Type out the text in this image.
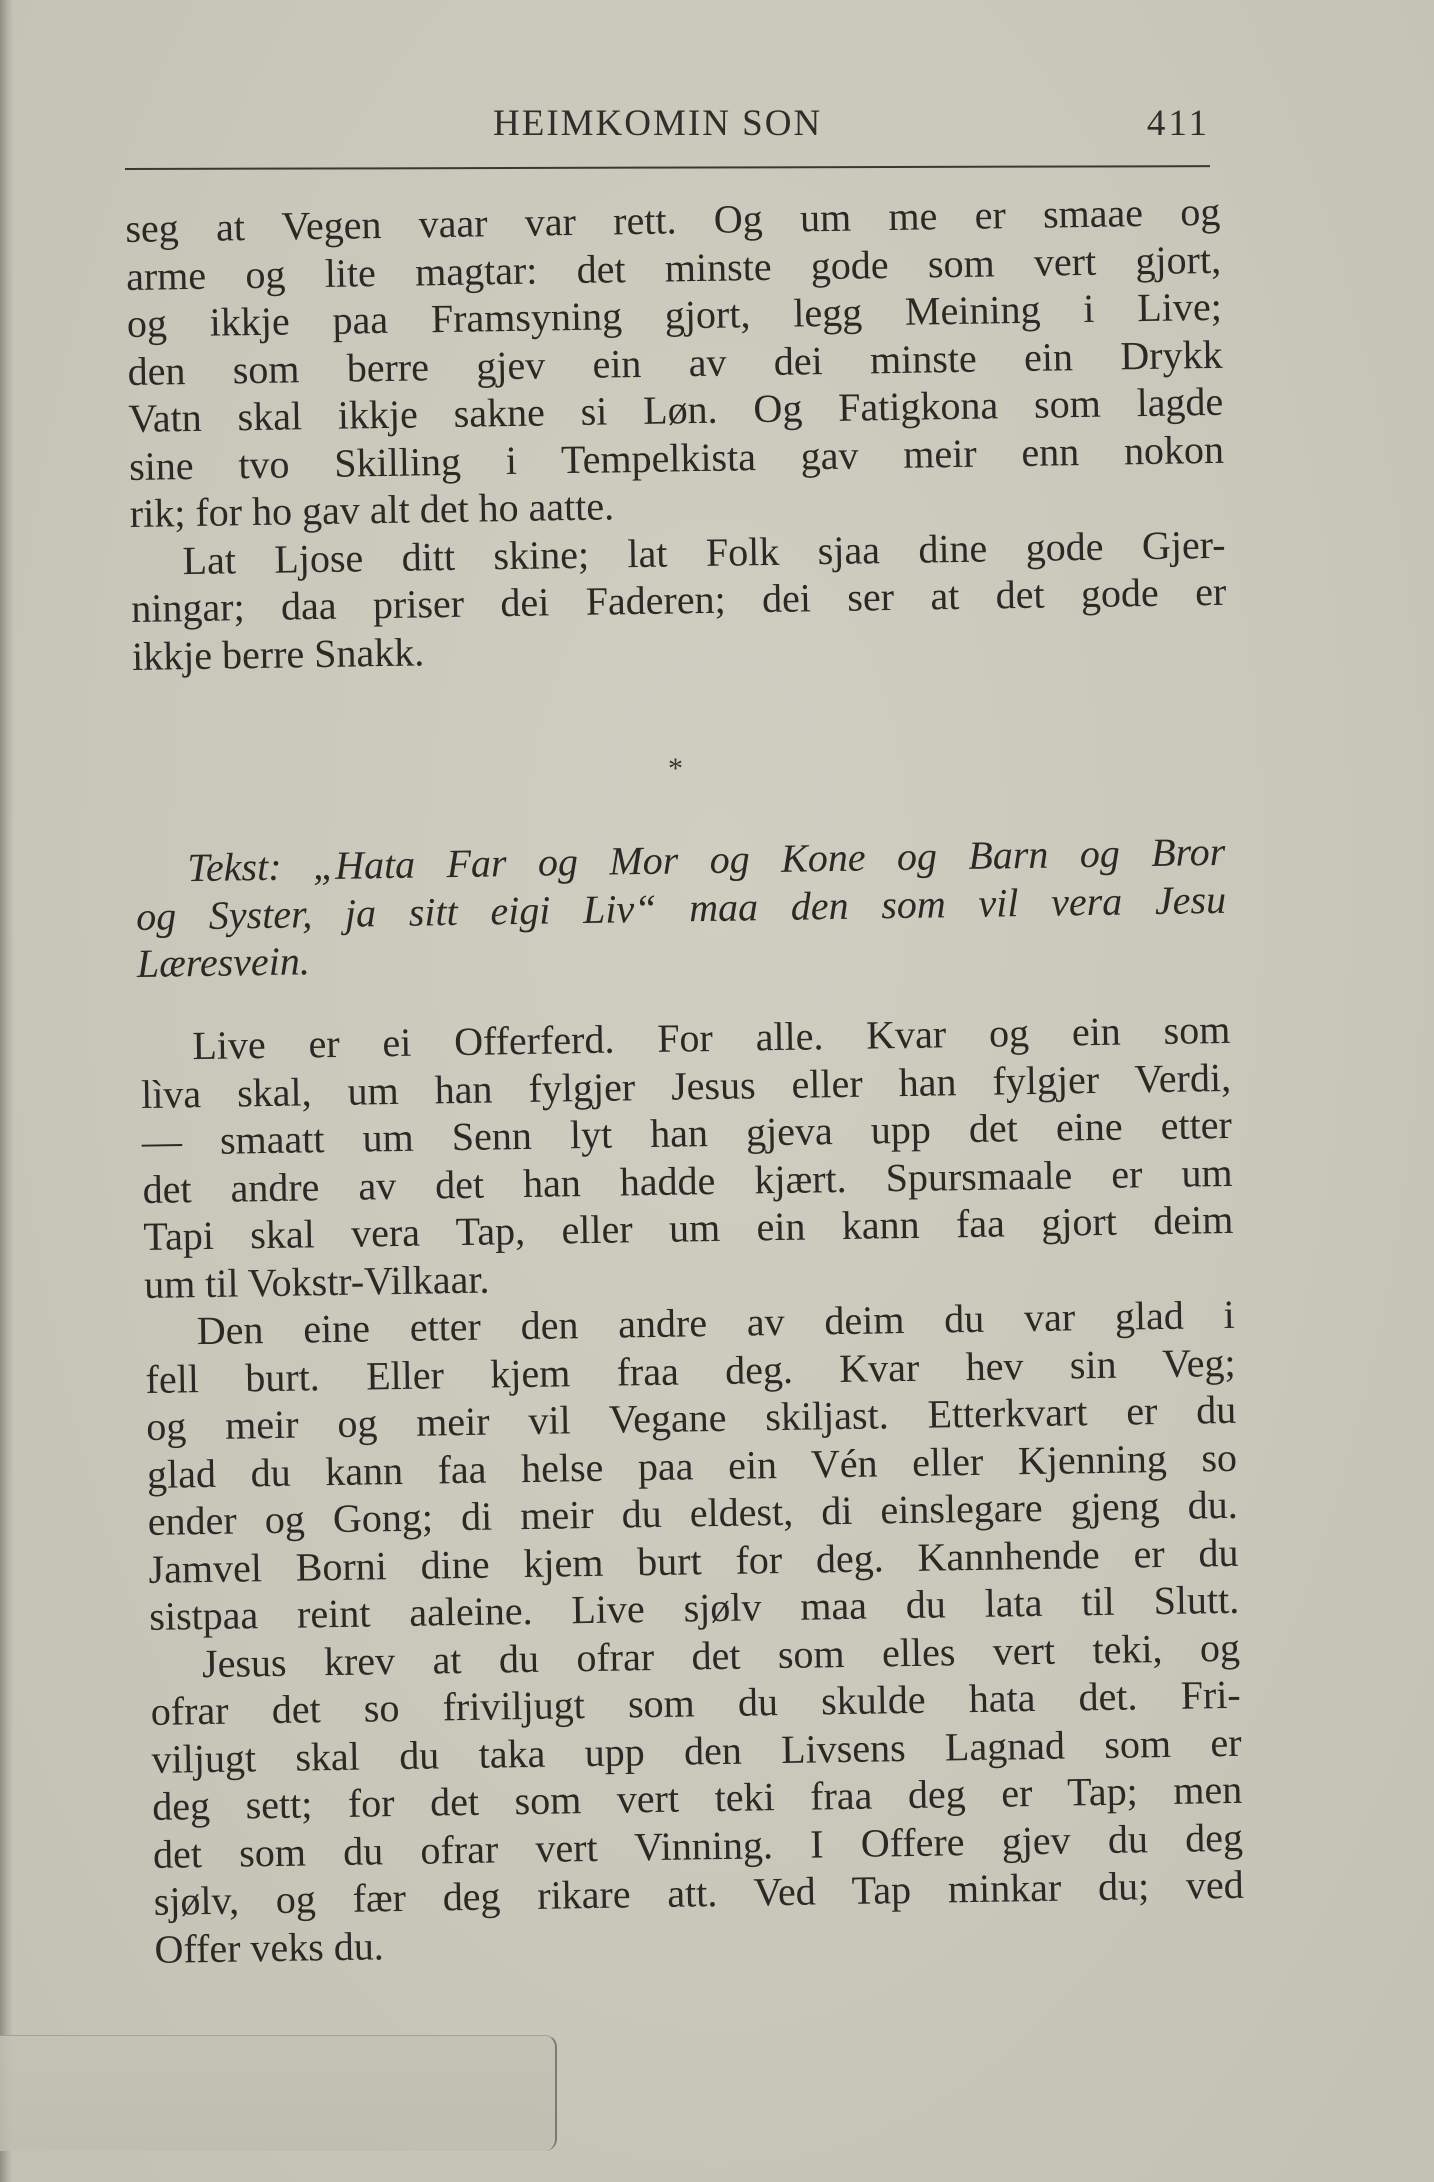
HEIMKOMIN SON	411
seg at Vegen vaar var rett. Og um me er smaae og
arme og lite magtar: det minste gode som vert gjort,
og ikkje paa Framsyning gjort, legg Meining i Live;
den som berre gjev ein av dei minste ein Drykk
Vatn skal ikkje sakne si Løn. Og Fatigkona som lagde
sine tvo Skilling i Tempelkista gav meir enn nokon
rik; for ho gav alt det ho aatte.
Lat Ljose ditt skine; lat Folk sjaa dine gode Gjer-
ningar; daa priser dei Faderen; dei ser at det gode er
ikkje berre Snakk.
*
Tekst: „Hata Far og Mor og Kone og Barn og Bror
og Syster, ja sitt eigi Liv“ maa den som vil vera Jesu
Læresvein.
Live er ei Offerferd. For alle. Kvar og ein som
lìva skal, um han fylgjer Jesus eller han fylgjer Verdi,
— smaatt um Senn lyt han gjeva upp det eine etter
det andre av det han hadde kjært. Spursmaale er um
Tapi skal vera Tap, eller um ein kann faa gjort deim
um til Vokstr-Vilkaar.
Den eine etter den andre av deim du var glad i
fell burt. Eller kjem fraa deg. Kvar hev sin Veg;
og meir og meir vil Vegane skiljast. Etterkvart er du
glad du kann faa helse paa ein Vén eller Kjenning so
ender og Gong; di meir du eldest, di einslegare gjeng du.
Jamvel Borni dine kjem burt for deg. Kannhende er du
sistpaa reint aaleine. Live sjølv maa du lata til Slutt.
Jesus krev at du ofrar det som elles vert teki, og
ofrar det so friviljugt som du skulde hata det. Fri-
viljugt skal du taka upp den Livsens Lagnad som er
deg sett; for det som vert teki fraa deg er Tap; men
det som du ofrar vert Vinning. I Offere gjev du deg
sjølv, og fær deg rikare att. Ved Tap minkar du; ved
Offer veks du.
